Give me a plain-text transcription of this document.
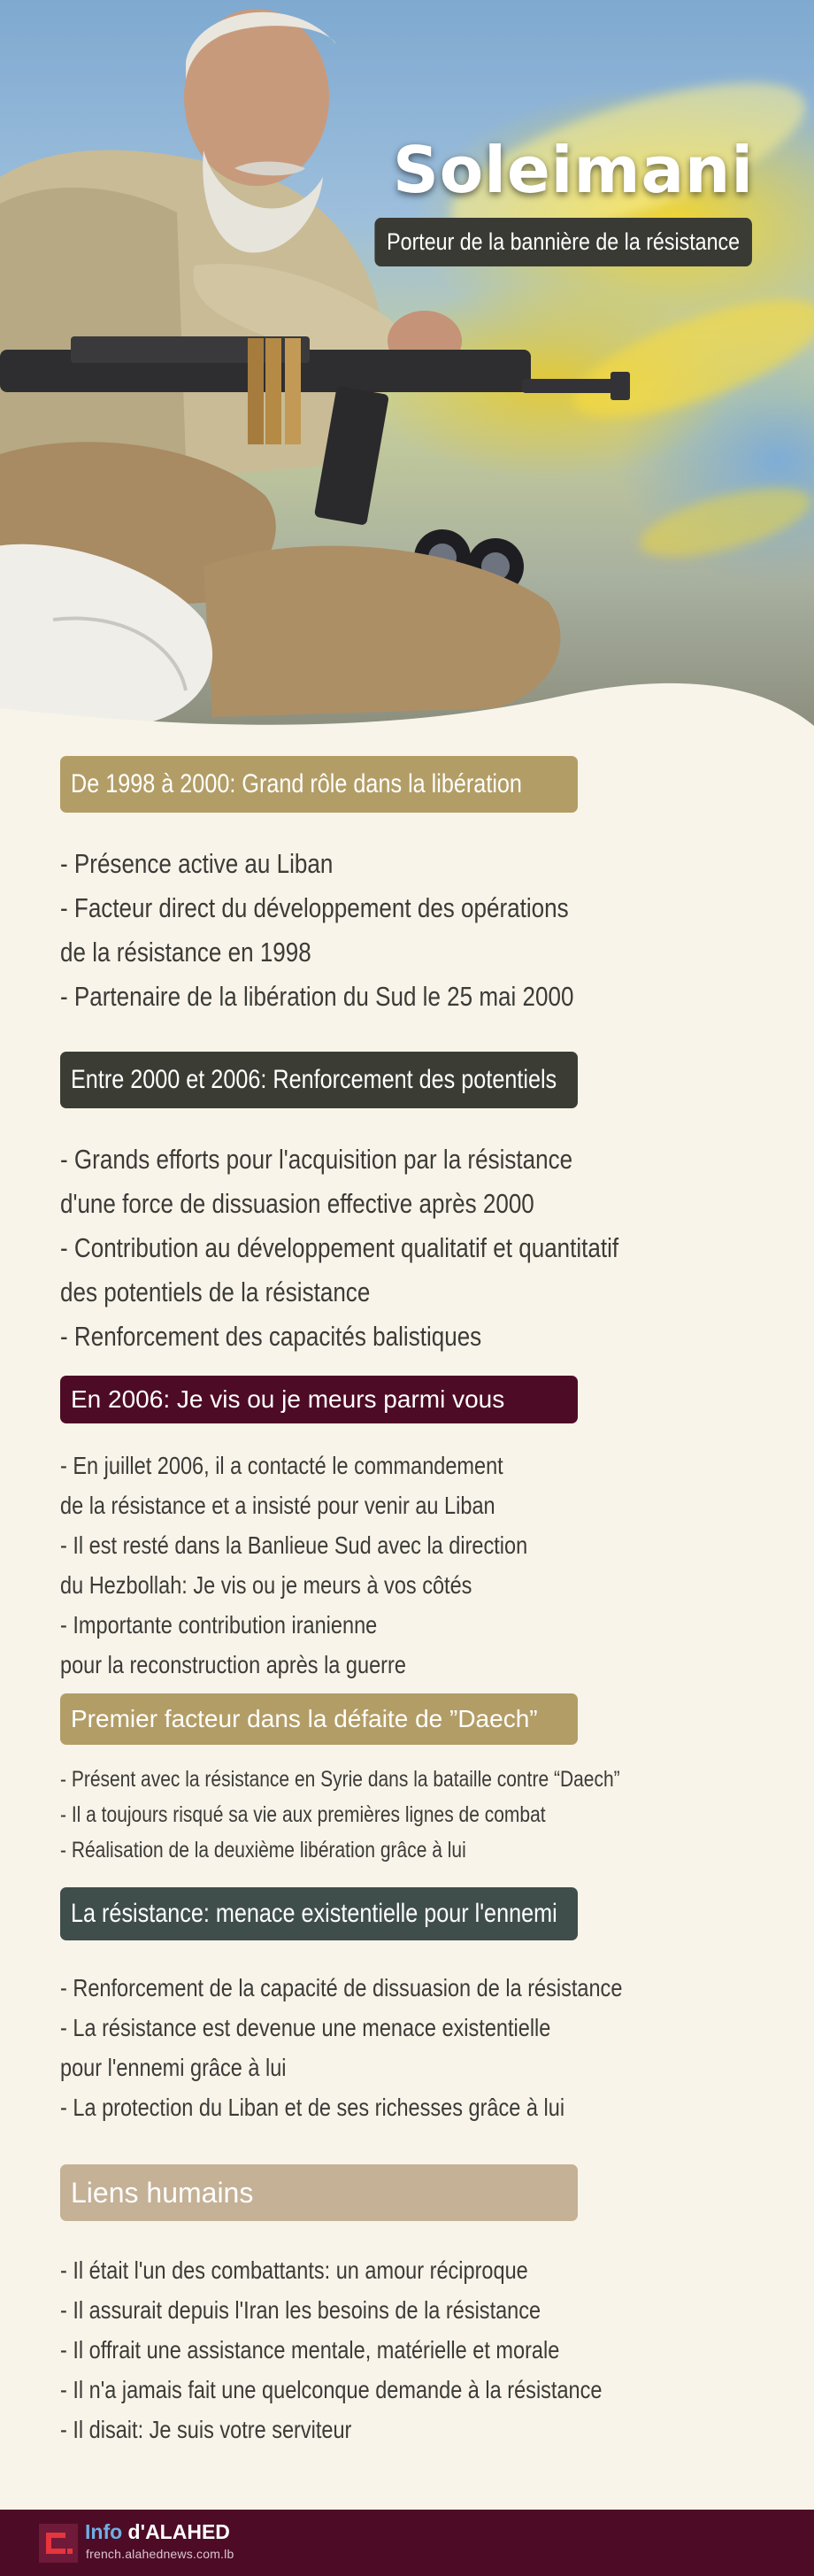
Soleimani
Porteur de la bannière de la résistance
De 1998 à 2000: Grand rôle dans la libération
- Présence active au Liban
- Facteur direct du développement des opérations
de la résistance en 1998
- Partenaire de la libération du Sud le 25 mai 2000
Entre 2000 et 2006: Renforcement des potentiels
- Grands efforts pour l'acquisition par la résistance
d'une force de dissuasion effective après 2000
- Contribution au développement qualitatif et quantitatif
des potentiels de la résistance
- Renforcement des capacités balistiques
En 2006: Je vis ou je meurs parmi vous
- En juillet 2006, il a contacté le commandement
de la résistance et a insisté pour venir au Liban
- Il est resté dans la Banlieue Sud avec la direction
du Hezbollah: Je vis ou je meurs à vos côtés
- Importante contribution iranienne
pour la reconstruction après la guerre
Premier facteur dans la défaite de ”Daech”
- Présent avec la résistance en Syrie dans la bataille contre “Daech”
- Il a toujours risqué sa vie aux premières lignes de combat
- Réalisation de la deuxième libération grâce à lui
La résistance: menace existentielle pour l'ennemi
- Renforcement de la capacité de dissuasion de la résistance
- La résistance est devenue une menace existentielle
pour l'ennemi grâce à lui
- La protection du Liban et de ses richesses grâce à lui
Liens humains
- Il était l'un des combattants: un amour réciproque
- Il assurait depuis l'Iran les besoins de la résistance
- Il offrait une assistance mentale, matérielle et morale
- Il n'a jamais fait une quelconque demande à la résistance
- Il disait: Je suis votre serviteur
Info d'ALAHED
french.alahednews.com.lb
